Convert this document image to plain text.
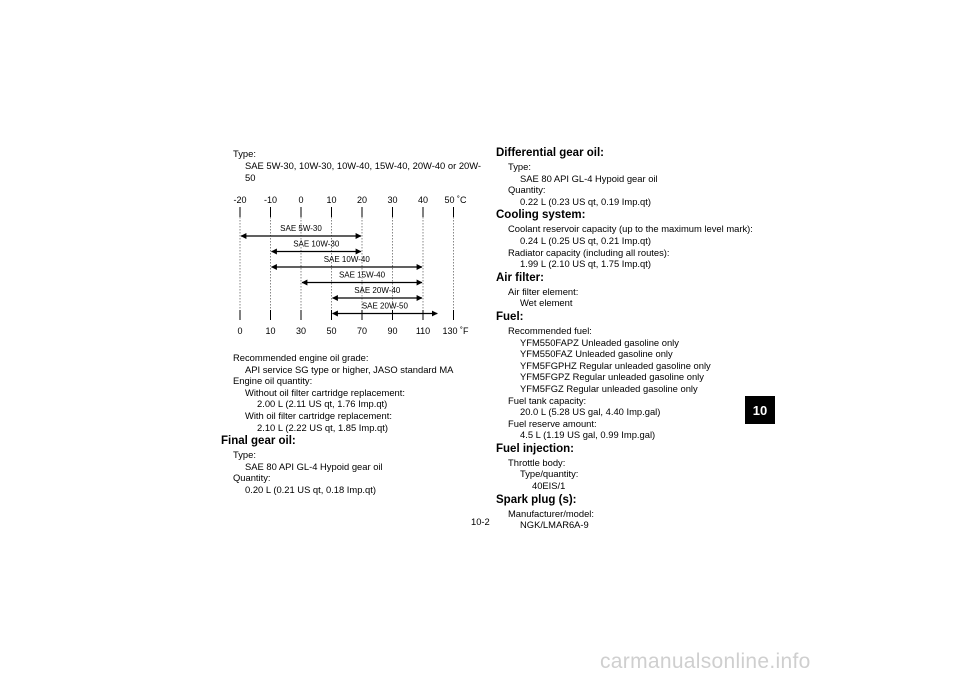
Type:
SAE 5W-30, 10W-30, 10W-40, 15W-40, 20W-40 or 20W-
50
SAE 5W-30
SAE 10W-30
SAE 10W-40
SAE 15W-40
SAE 20W-40
SAE 20W-50
-20 -10 0	10 20 30 40 50 ˚C
0	10 30 50 70 90 110 130 ˚F
Recommended engine oil grade:
API service SG type or higher, JASO standard MA
Engine oil quantity:
Without oil filter cartridge replacement:
2.00 L (2.11 US qt, 1.76 Imp.qt)
With oil filter cartridge replacement:
2.10 L (2.22 US qt, 1.85 Imp.qt)
Final gear oil:
Type:
SAE 80 API GL-4 Hypoid gear oil
Quantity:
0.20 L (0.21 US qt, 0.18 Imp.qt)
Differential gear oil:
Type:
SAE 80 API GL-4 Hypoid gear oil
Quantity:
0.22 L (0.23 US qt, 0.19 Imp.qt)
Cooling system:
Coolant reservoir capacity (up to the maximum level mark):
0.24 L (0.25 US qt, 0.21 Imp.qt)
Radiator capacity (including all routes):
1.99 L (2.10 US qt, 1.75 Imp.qt)
Air filter:
Air filter element:
Wet element
Fuel:
Recommended fuel:
YFM550FAPZ Unleaded gasoline only
YFM550FAZ Unleaded gasoline only
YFM5FGPHZ Regular unleaded gasoline only
YFM5FGPZ Regular unleaded gasoline only
YFM5FGZ Regular unleaded gasoline only
Fuel tank capacity:
20.0 L (5.28 US gal, 4.40 Imp.gal)
Fuel reserve amount:
4.5 L (1.19 US gal, 0.99 Imp.gal)
Fuel injection:
Throttle body:
Type/quantity:
40EIS/1
Spark plug (s):
Manufacturer/model:
NGK/LMAR6A-9
10-2
10
carmanualsonline.info
